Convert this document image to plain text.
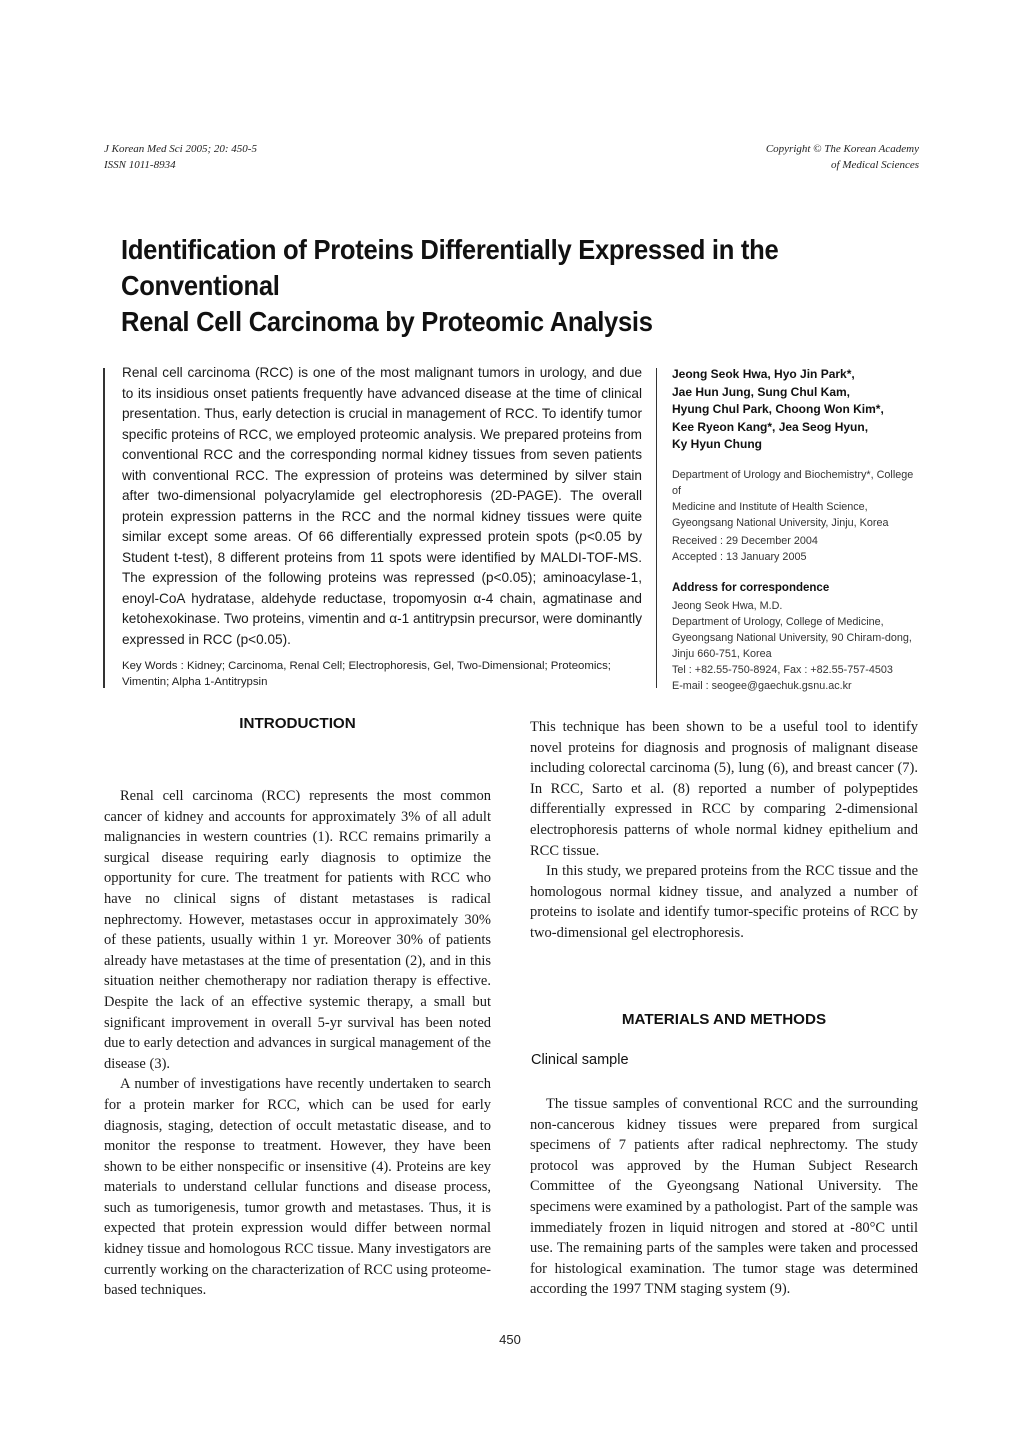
J Korean Med Sci 2005; 20: 450-5
ISSN 1011-8934
Copyright © The Korean Academy
of Medical Sciences
Identification of Proteins Differentially Expressed in the Conventional
Renal Cell Carcinoma by Proteomic Analysis

Renal cell carcinoma (RCC) is one of the most malignant tumors in urology, and due to its insidious onset patients frequently have advanced disease at the time of clinical presentation. Thus, early detection is crucial in management of RCC. To identify tumor specific proteins of RCC, we employed proteomic analysis. We prepared proteins from conventional RCC and the corresponding normal kidney tissues from seven patients with conventional RCC. The expression of proteins was determined by silver stain after two-dimensional polyacrylamide gel electrophoresis (2D-PAGE). The overall protein expression patterns in the RCC and the normal kidney tissues were quite similar except some areas. Of 66 differentially expressed protein spots (p<0.05 by Student t-test), 8 different proteins from 11 spots were identified by MALDI-TOF-MS. The expression of the following proteins was repressed (p<0.05); aminoacylase-1, enoyl-CoA hydratase, aldehyde reductase, tropomyosin α-4 chain, agmatinase and ketohexokinase. Two proteins, vimentin and α-1 antitrypsin precursor, were dominantly expressed in RCC (p<0.05).

Key Words : Kidney; Carcinoma, Renal Cell; Electrophoresis, Gel, Two-Dimensional; Proteomics; Vimentin; Alpha 1-Antitrypsin
Jeong Seok Hwa, Hyo Jin Park*,
Jae Hun Jung, Sung Chul Kam,
Hyung Chul Park, Choong Won Kim*,
Kee Ryeon Kang*, Jea Seog Hyun,
Ky Hyun Chung

Department of Urology and Biochemistry*, College of

Medicine and Institute of Health Science,

Gyeongsang National University, Jinju, Korea

Received : 29 December 2004

Accepted : 13 January 2005

Address for correspondence

Jeong Seok Hwa, M.D.

Department of Urology, College of Medicine,

Gyeongsang National University, 90 Chiram-dong,

Jinju 660-751, Korea

Tel : +82.55-750-8924, Fax : +82.55-757-4503

E-mail : seogee@gaechuk.gsnu.ac.kr

INTRODUCTION

Renal cell carcinoma (RCC) represents the most common cancer of kidney and accounts for approximately 3% of all adult malignancies in western countries (1). RCC remains primarily a surgical disease requiring early diagnosis to optimize the opportunity for cure. The treatment for patients with RCC who have no clinical signs of distant metastases is radical nephrectomy. However, metastases occur in approximately 30% of these patients, usually within 1 yr. Moreover 30% of patients already have metastases at the time of presentation (2), and in this situation neither chemotherapy nor radiation therapy is effective. Despite the lack of an effective systemic therapy, a small but significant improvement in overall 5-yr survival has been noted due to early detection and advances in surgical management of the disease (3).

A number of investigations have recently undertaken to search for a protein marker for RCC, which can be used for early diagnosis, staging, detection of occult metastatic disease, and to monitor the response to treatment. However, they have been shown to be either nonspecific or insensitive (4). Proteins are key materials to understand cellular functions and disease process, such as tumorigenesis, tumor growth and metastases. Thus, it is expected that protein expression would differ between normal kidney tissue and homologous RCC tissue. Many investigators are currently working on the characterization of RCC using proteome-based techniques.

This technique has been shown to be a useful tool to identify novel proteins for diagnosis and prognosis of malignant disease including colorectal carcinoma (5), lung (6), and breast cancer (7). In RCC, Sarto et al. (8) reported a number of polypeptides differentially expressed in RCC by comparing 2-dimensional electrophoresis patterns of whole normal kidney epithelium and RCC tissue.

In this study, we prepared proteins from the RCC tissue and the homologous normal kidney tissue, and analyzed a number of proteins to isolate and identify tumor-specific proteins of RCC by two-dimensional gel electrophoresis.

MATERIALS AND METHODS
Clinical sample

The tissue samples of conventional RCC and the surrounding non-cancerous kidney tissues were prepared from surgical specimens of 7 patients after radical nephrectomy. The study protocol was approved by the Human Subject Research Committee of the Gyeongsang National University. The specimens were examined by a pathologist. Part of the sample was immediately frozen in liquid nitrogen and stored at -80°C until use. The remaining parts of the samples were taken and processed for histological examination. The tumor stage was determined according the 1997 TNM staging system (9).

450
